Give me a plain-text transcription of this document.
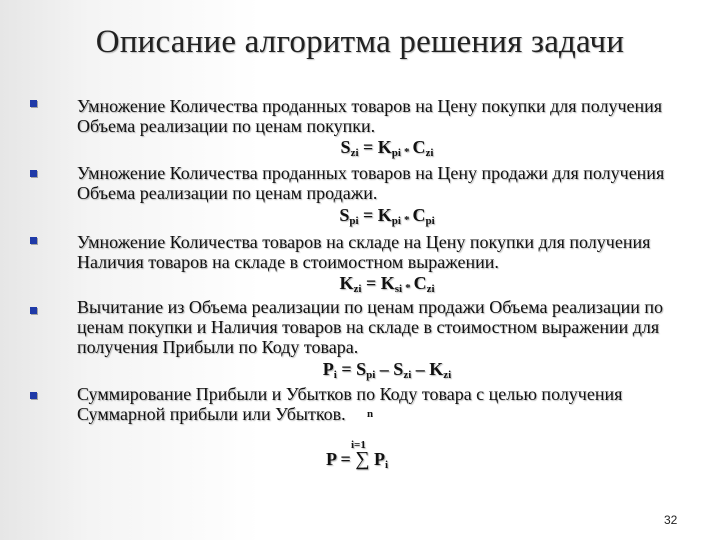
Описание алгоритма решения задачи
Умножение Количества проданных товаров на Цену покупки для получения Объема реализации по ценам покупки.
$S_{zi} = K_{pi} * C_{zi}$
Умножение Количества проданных товаров на Цену продажи для получения Объема реализации по ценам продажи.
$S_{pi} = K_{pi} * C_{pi}$
Умножение Количества товаров на складе на Цену покупки для получения Наличия товаров на складе в стоимостном выражении.
$K_{zi} = K_{si} * C_{zi}$
Вычитание из Объема реализации по ценам продажи Объема реализации по ценам покупки и Наличия товаров на складе в стоимостном выражении для получения Прибыли по Коду товара.
$P_i = S_{pi} - S_{zi} - K_{zi}$
Суммирование Прибыли и Убытков по Коду товара с целью получения Суммарной прибыли или Убытков.
P = ∑
i=1
$P_i$
n
32
